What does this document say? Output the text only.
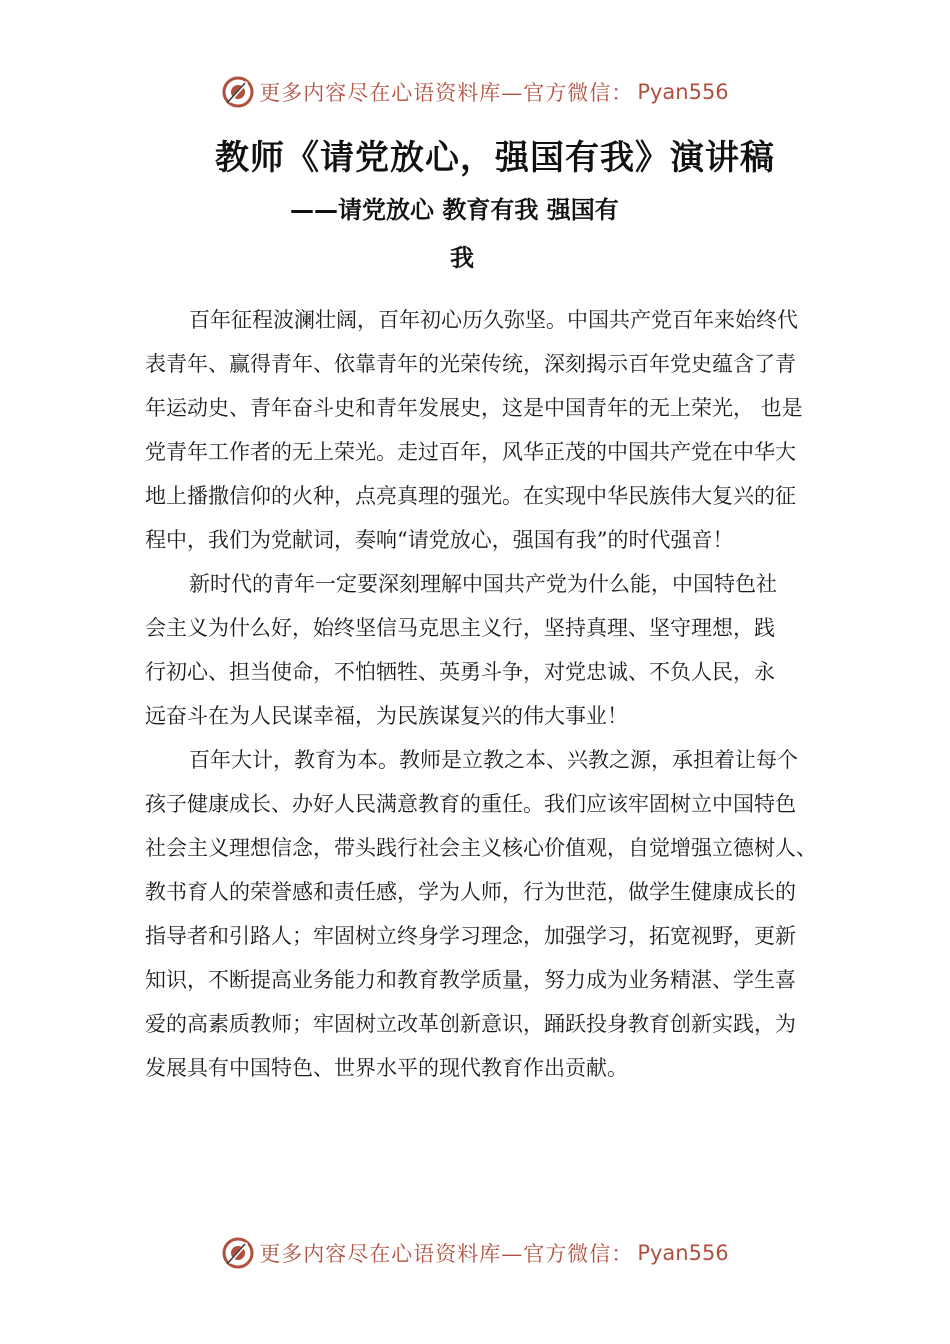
更多内容尽在心语资料库—官方微信： Pyan556
教师《请党放心，强国有我》演讲稿
——请党放心 教育有我 强国有
我
百年征程波澜壮阔，百年初心历久弥坚。中国共产党百年来始终代
表青年、赢得青年、依靠青年的光荣传统，深刻揭示百年党史蕴含了青
年运动史、青年奋斗史和青年发展史，这是中国青年的无上荣光， 也是
党青年工作者的无上荣光。走过百年，风华正茂的中国共产党在中华大
地上播撒信仰的火种，点亮真理的强光。在实现中华民族伟大复兴的征
程中，我们为党献词，奏响“请党放心，强国有我”的时代强音！
新时代的青年一定要深刻理解中国共产党为什么能，中国特色社
会主义为什么好，始终坚信马克思主义行，坚持真理、坚守理想，践
行初心、担当使命，不怕牺牲、英勇斗争，对党忠诚、不负人民，永
远奋斗在为人民谋幸福，为民族谋复兴的伟大事业！
百年大计，教育为本。教师是立教之本、兴教之源，承担着让每个
孩子健康成长、办好人民满意教育的重任。我们应该牢固树立中国特色
社会主义理想信念，带头践行社会主义核心价值观，自觉增强立德树人、
教书育人的荣誉感和责任感，学为人师，行为世范，做学生健康成长的
指导者和引路人；牢固树立终身学习理念，加强学习，拓宽视野，更新
知识，不断提高业务能力和教育教学质量，努力成为业务精湛、学生喜
爱的高素质教师；牢固树立改革创新意识，踊跃投身教育创新实践，为
发展具有中国特色、世界水平的现代教育作出贡献。
更多内容尽在心语资料库—官方微信： Pyan556
